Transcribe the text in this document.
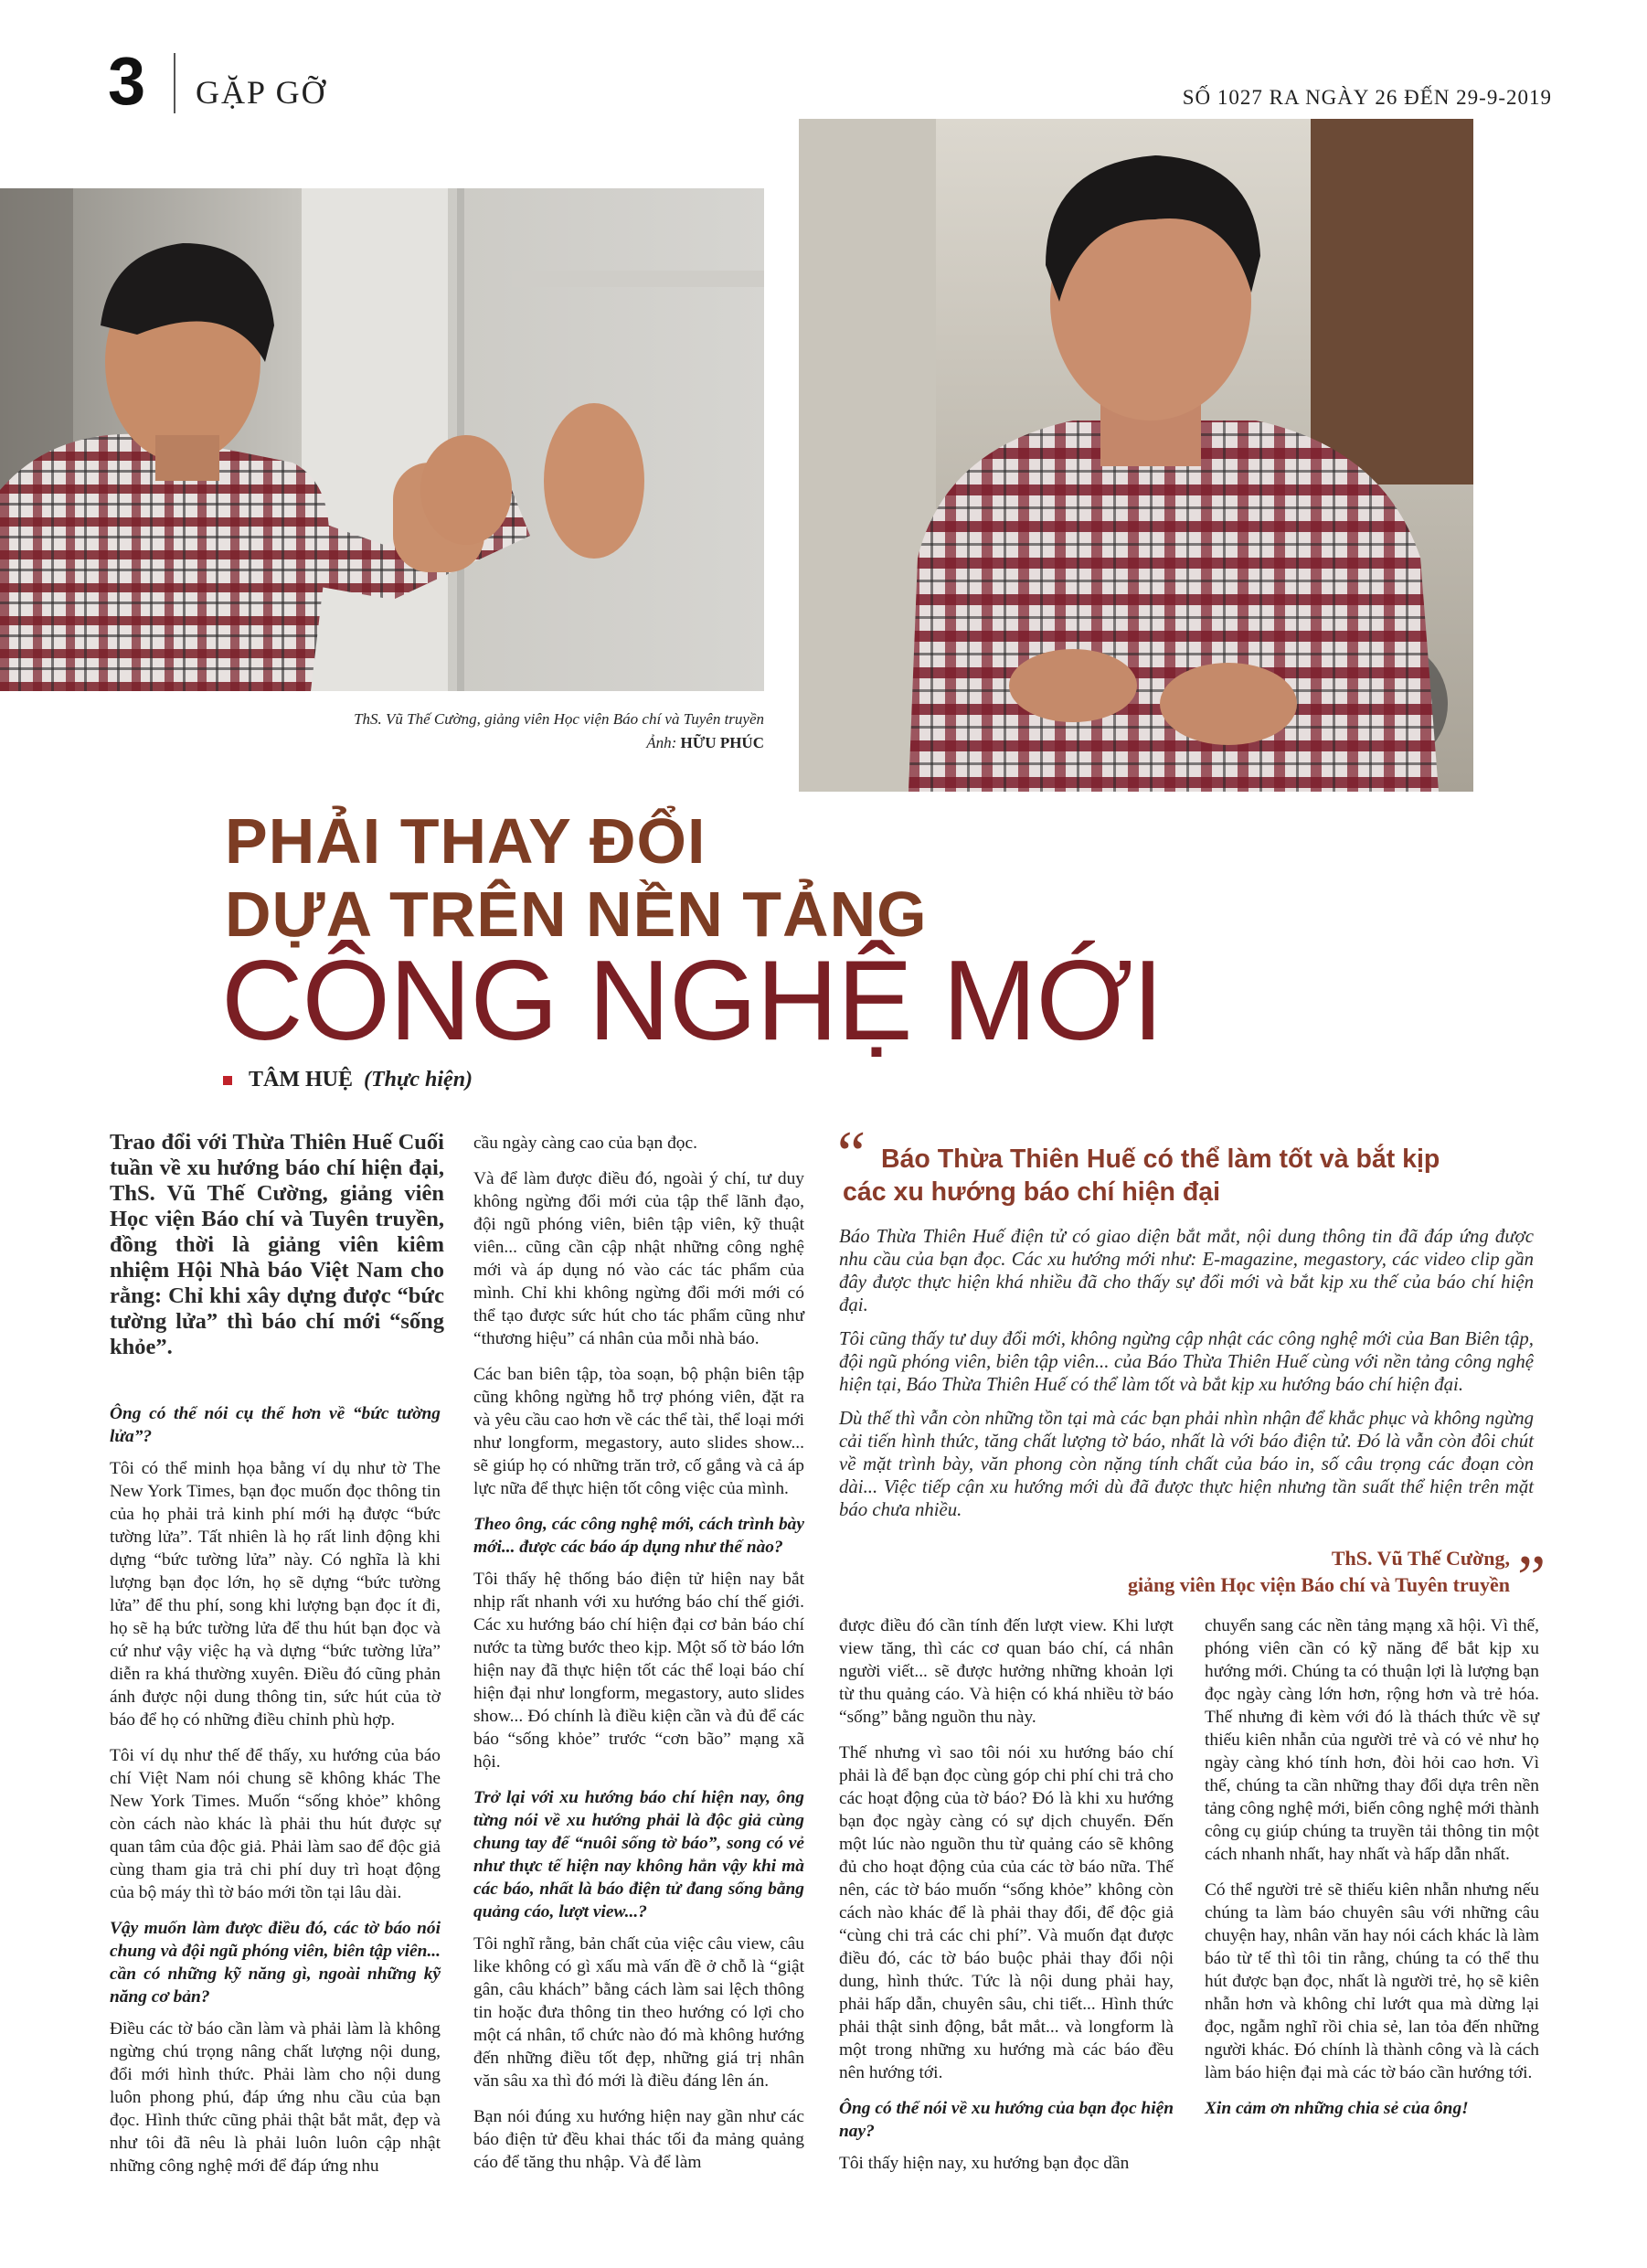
3 GẶP GỠ	SỐ 1027 RA NGÀY 26 ĐẾN 29-9-2019
ThS. Vũ Thế Cường, giảng viên Học viện Báo chí và Tuyên truyền
Ảnh: HỮU PHÚC
PHẢI THAY ĐỔI
DỰA TRÊN NỀN TẢNG
CÔNG NGHỆ MỚI
TÂM HUỆ (Thực hiện)
Trao đổi với Thừa Thiên Huế Cuối tuần về xu hướng báo chí hiện đại, ThS. Vũ Thế Cường, giảng viên Học viện Báo chí và Tuyên truyền, đồng thời là giảng viên kiêm nhiệm Hội Nhà báo Việt Nam cho rằng: Chỉ khi xây dựng được “bức tường lửa” thì báo chí mới “sống khỏe”.

Ông có thể nói cụ thể hơn về “bức tường lửa”?

Tôi có thể minh họa bằng ví dụ như tờ The New York Times, bạn đọc muốn đọc thông tin của họ phải trả kinh phí mới hạ được “bức tường lửa”. Tất nhiên là họ rất linh động khi dựng “bức tường lửa” này. Có nghĩa là khi lượng bạn đọc lớn, họ sẽ dựng “bức tường lửa” để thu phí, song khi lượng bạn đọc ít đi, họ sẽ hạ bức tường lửa để thu hút bạn đọc và cứ như vậy việc hạ và dựng “bức tường lửa” diễn ra khá thường xuyên. Điều đó cũng phản ánh được nội dung thông tin, sức hút của tờ báo để họ có những điều chỉnh phù hợp.

Tôi ví dụ như thế để thấy, xu hướng của báo chí Việt Nam nói chung sẽ không khác The New York Times. Muốn “sống khỏe” không còn cách nào khác là phải thu hút được sự quan tâm của độc giả. Phải làm sao để độc giả cùng tham gia trả chi phí duy trì hoạt động của bộ máy thì tờ báo mới tồn tại lâu dài.

Vậy muốn làm được điều đó, các tờ báo nói chung và đội ngũ phóng viên, biên tập viên... cần có những kỹ năng gì, ngoài những kỹ năng cơ bản?

Điều các tờ báo cần làm và phải làm là không ngừng chú trọng nâng chất lượng nội dung, đổi mới hình thức. Phải làm cho nội dung luôn phong phú, đáp ứng nhu cầu của bạn đọc. Hình thức cũng phải thật bắt mắt, đẹp và như tôi đã nêu là phải luôn luôn cập nhật những công nghệ mới để đáp ứng nhu

cầu ngày càng cao của bạn đọc.

Và để làm được điều đó, ngoài ý chí, tư duy không ngừng đổi mới của tập thể lãnh đạo, đội ngũ phóng viên, biên tập viên, kỹ thuật viên... cũng cần cập nhật những công nghệ mới và áp dụng nó vào các tác phẩm của mình. Chỉ khi không ngừng đổi mới mới có thể tạo được sức hút cho tác phẩm cũng như “thương hiệu” cá nhân của mỗi nhà báo.

Các ban biên tập, tòa soạn, bộ phận biên tập cũng không ngừng hỗ trợ phóng viên, đặt ra và yêu cầu cao hơn về các thể tài, thể loại mới như longform, megastory, auto slides show... sẽ giúp họ có những trăn trở, cố gắng và cả áp lực nữa để thực hiện tốt công việc của mình.

Theo ông, các công nghệ mới, cách trình bày mới... được các báo áp dụng như thế nào?

Tôi thấy hệ thống báo điện tử hiện nay bắt nhịp rất nhanh với xu hướng báo chí thế giới. Các xu hướng báo chí hiện đại cơ bản báo chí nước ta từng bước theo kịp. Một số tờ báo lớn hiện nay đã thực hiện tốt các thể loại báo chí hiện đại như longform, megastory, auto slides show... Đó chính là điều kiện cần và đủ để các báo “sống khỏe” trước “cơn bão” mạng xã hội.

Trở lại với xu hướng báo chí hiện nay, ông từng nói về xu hướng phải là độc giả cùng chung tay để “nuôi sống tờ báo”, song có vẻ như thực tế hiện nay không hẳn vậy khi mà các báo, nhất là báo điện tử đang sống bằng quảng cáo, lượt view...?

Tôi nghĩ rằng, bản chất của việc câu view, câu like không có gì xấu mà vấn đề ở chỗ là “giật gân, câu khách” bằng cách làm sai lệch thông tin hoặc đưa thông tin theo hướng có lợi cho một cá nhân, tổ chức nào đó mà không hướng đến những điều tốt đẹp, những giá trị nhân văn sâu xa thì đó mới là điều đáng lên án.

Bạn nói đúng xu hướng hiện nay gần như các báo điện tử đều khai thác tối đa mảng quảng cáo để tăng thu nhập. Và để làm

“ Báo Thừa Thiên Huế có thể làm tốt và bắt kịp các xu hướng báo chí hiện đại

Báo Thừa Thiên Huế điện tử có giao diện bắt mắt, nội dung thông tin đã đáp ứng được nhu cầu của bạn đọc. Các xu hướng mới như: E-magazine, megastory, các video clip gần đây được thực hiện khá nhiều đã cho thấy sự đổi mới và bắt kịp xu thế của báo chí hiện đại.

Tôi cũng thấy tư duy đổi mới, không ngừng cập nhật các công nghệ mới của Ban Biên tập, đội ngũ phóng viên, biên tập viên... của Báo Thừa Thiên Huế cùng với nền tảng công nghệ hiện tại, Báo Thừa Thiên Huế có thể làm tốt và bắt kịp xu hướng báo chí hiện đại.

Dù thế thì vẫn còn những tồn tại mà các bạn phải nhìn nhận để khắc phục và không ngừng cải tiến hình thức, tăng chất lượng tờ báo, nhất là với báo điện tử. Đó là vẫn còn đôi chút về mặt trình bày, văn phong còn nặng tính chất của báo in, số câu trọng các đoạn còn dài... Việc tiếp cận xu hướng mới dù đã được thực hiện nhưng tần suất thể hiện trên mặt báo chưa nhiều.

ThS. Vũ Thế Cường,
giảng viên Học viện Báo chí và Tuyên truyền ”

được điều đó cần tính đến lượt view. Khi lượt view tăng, thì các cơ quan báo chí, cá nhân người viết... sẽ được hưởng những khoản lợi từ thu quảng cáo. Và hiện có khá nhiều tờ báo “sống” bằng nguồn thu này.

Thế nhưng vì sao tôi nói xu hướng báo chí phải là để bạn đọc cùng góp chi phí chi trả cho các hoạt động của tờ báo? Đó là khi xu hướng bạn đọc ngày càng có sự dịch chuyển. Đến một lúc nào nguồn thu từ quảng cáo sẽ không đủ cho hoạt động của của các tờ báo nữa. Thế nên, các tờ báo muốn “sống khỏe” không còn cách nào khác để là phải thay đổi, để độc giả “cùng chi trả các chi phí”. Và muốn đạt được điều đó, các tờ báo buộc phải thay đổi nội dung, hình thức. Tức là nội dung phải hay, phải hấp dẫn, chuyên sâu, chi tiết... Hình thức phải thật sinh động, bắt mắt... và longform là một trong những xu hướng mà các báo đều nên hướng tới.

Ông có thể nói về xu hướng của bạn đọc hiện nay?

Tôi thấy hiện nay, xu hướng bạn đọc dần

chuyển sang các nền tảng mạng xã hội. Vì thế, phóng viên cần có kỹ năng để bắt kịp xu hướng mới. Chúng ta có thuận lợi là lượng bạn đọc ngày càng lớn hơn, rộng hơn và trẻ hóa. Thế nhưng đi kèm với đó là thách thức về sự thiếu kiên nhẫn của người trẻ và có vẻ như họ ngày càng khó tính hơn, đòi hỏi cao hơn. Vì thế, chúng ta cần những thay đổi dựa trên nền tảng công nghệ mới, biến công nghệ mới thành công cụ giúp chúng ta truyền tải thông tin một cách nhanh nhất, hay nhất và hấp dẫn nhất.

Có thể người trẻ sẽ thiếu kiên nhẫn nhưng nếu chúng ta làm báo chuyên sâu với những câu chuyện hay, nhân văn hay nói cách khác là làm báo từ tế thì tôi tin rằng, chúng ta có thể thu hút được bạn đọc, nhất là người trẻ, họ sẽ kiên nhẫn hơn và không chỉ lướt qua mà dừng lại đọc, ngẫm nghĩ rồi chia sẻ, lan tỏa đến những người khác. Đó chính là thành công và là cách làm báo hiện đại mà các tờ báo cần hướng tới.

Xin cảm ơn những chia sẻ của ông!
